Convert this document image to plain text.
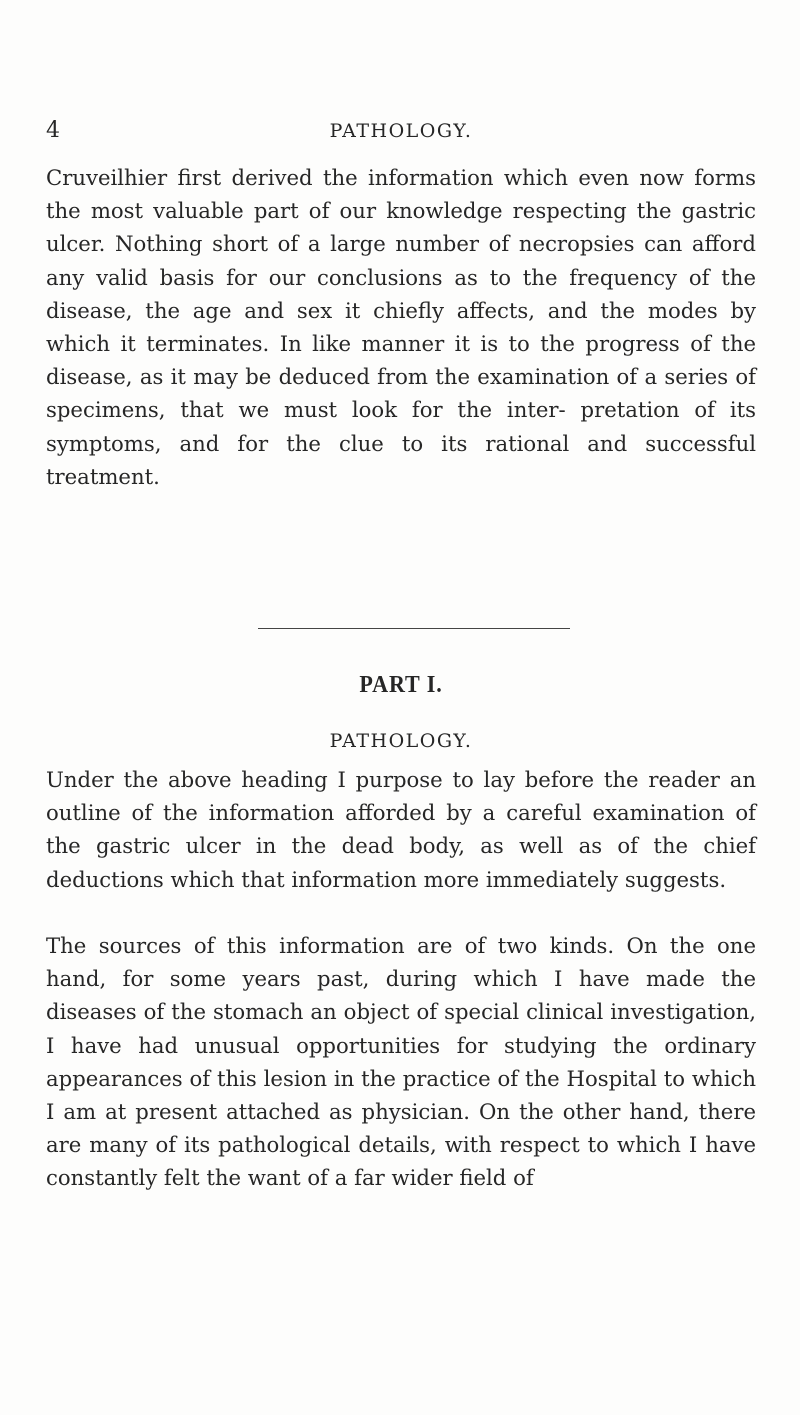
4	PATHOLOGY.

Cruveilhier first derived the information which even now forms the most valuable part of our knowledge respecting the gastric ulcer. Nothing short of a large number of necropsies can afford any valid basis for our conclusions as to the frequency of the disease, the age and sex it chiefly affects, and the modes by which it terminates. In like manner it is to the progress of the disease, as it may be deduced from the examination of a series of specimens, that we must look for the inter- pretation of its symptoms, and for the clue to its rational and successful treatment.

PART I.
PATHOLOGY.

Under the above heading I purpose to lay before the reader an outline of the information afforded by a careful examination of the gastric ulcer in the dead body, as well as of the chief deductions which that information more immediately suggests.

The sources of this information are of two kinds. On the one hand, for some years past, during which I have made the diseases of the stomach an object of special clinical investigation, I have had unusual opportunities for studying the ordinary appearances of this lesion in the practice of the Hospital to which I am at present attached as physician. On the other hand, there are many of its pathological details, with respect to which I have constantly felt the want of a far wider field of
